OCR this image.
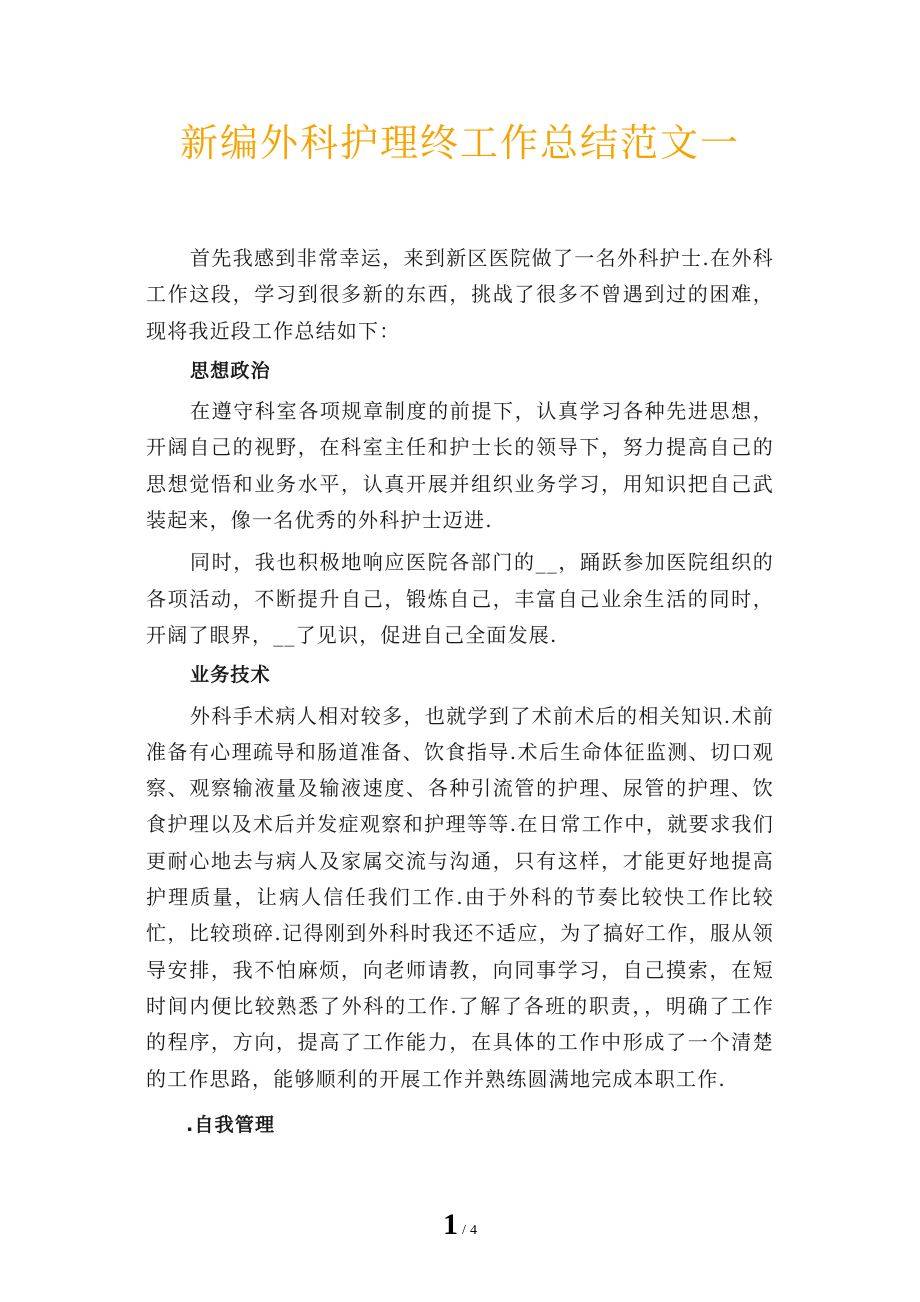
新编外科护理终工作总结范文一

首先我感到非常幸运，来到新区医院做了一名外科护士.在外科工作这段，学习到很多新的东西，挑战了很多不曾遇到过的困难，现将我近段工作总结如下：

思想政治

在遵守科室各项规章制度的前提下，认真学习各种先进思想，开阔自己的视野，在科室主任和护士长的领导下，努力提高自己的思想觉悟和业务水平，认真开展并组织业务学习，用知识把自己武装起来，像一名优秀的外科护士迈进.

同时，我也积极地响应医院各部门的__，踊跃参加医院组织的各项活动，不断提升自己，锻炼自己，丰富自己业余生活的同时，开阔了眼界，__了见识，促进自己全面发展.

业务技术

外科手术病人相对较多，也就学到了术前术后的相关知识.术前准备有心理疏导和肠道准备、饮食指导.术后生命体征监测、切口观察、观察输液量及输液速度、各种引流管的护理、尿管的护理、饮食护理以及术后并发症观察和护理等等.在日常工作中，就要求我们更耐心地去与病人及家属交流与沟通，只有这样，才能更好地提高护理质量，让病人信任我们工作.由于外科的节奏比较快工作比较忙，比较琐碎.记得刚到外科时我还不适应，为了搞好工作，服从领导安排，我不怕麻烦，向老师请教，向同事学习，自己摸索，在短时间内便比较熟悉了外科的工作.了解了各班的职责，，明确了工作的程序，方向，提高了工作能力，在具体的工作中形成了一个清楚的工作思路，能够顺利的开展工作并熟练圆满地完成本职工作.

.自我管理

1 / 4
